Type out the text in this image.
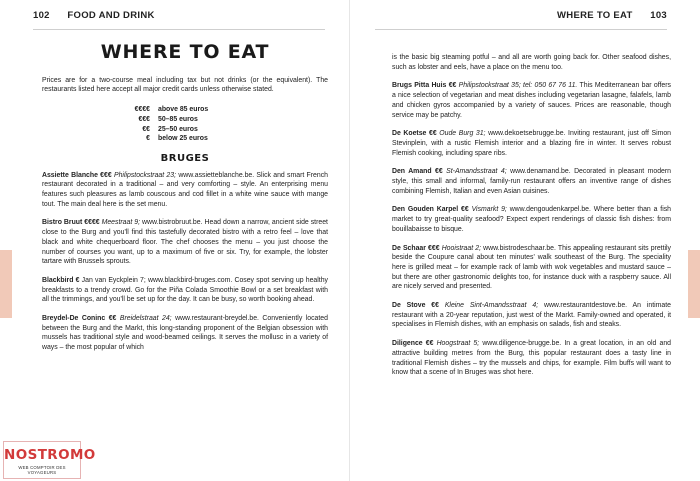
102 FOOD AND DRINK
WHERE TO EAT

Prices are for a two-course meal including tax but not drinks (or the equivalent). The restaurants listed here accept all major credit cards unless otherwise stated.

€€€€	above 85 euros
€€€	50–85 euros
€€	25–50 euros
€	below 25 euros
BRUGES

Assiette Blanche €€€ Philipstockstraat 23; www.assietteblanche.be. Slick and smart French restaurant decorated in a traditional – and very comforting – style. An enterprising menu features such pleasures as lamb couscous and cod fillet in a white wine sauce with mange tout. The main deal here is the set menu.

Bistro Bruut €€€€ Meestraat 9; www.bistrobruut.be. Head down a narrow, ancient side street close to the Burg and you'll find this tastefully decorated bistro with a retro feel – love that black and white chequerboard floor. The chef chooses the menu – you just choose the number of courses you want, up to a maximum of five or six. Try, for example, the lobster tartare with Brussels sprouts.

Blackbird € Jan van Eyckplein 7; www.blackbird-bruges.com. Cosey spot serving up healthy breakfasts to a trendy crowd. Go for the Piña Colada Smoothie Bowl or a set breakfast with all the trimmings, and you'll be set up for the day. It can be busy, so worth booking ahead.

Breydel-De Coninc €€ Breidelstraat 24; www.restaurant-breydel.be. Conveniently located between the Burg and the Markt, this long-standing proponent of the Belgian obsession with mussels has traditional style and wood-beamed ceilings. It serves the mollusc in a variety of ways – the most popular of which

WHERE TO EAT 103

is the basic big steaming potful – and all are worth going back for. Other seafood dishes, such as lobster and eels, have a place on the menu too.

Brugs Pitta Huis €€ Philipstockstraat 35; tel: 050 67 76 11. This Mediterranean bar offers a nice selection of vegetarian and meat dishes including vegetarian lasagne, falafels, lamb and chicken gyros accompanied by a variety of sauces. Prices are reasonable, though service may be patchy.

De Koetse €€ Oude Burg 31; www.dekoetsebrugge.be. Inviting restaurant, just off Simon Stevinplein, with a rustic Flemish interior and a blazing fire in winter. It serves robust Flemish cooking, including spare ribs.

Den Amand €€ St-Amandsstraat 4; www.denamand.be. Decorated in pleasant modern style, this small and informal, family-run restaurant offers an inventive range of dishes combining Flemish, Italian and even Asian cuisines.

Den Gouden Karpel €€ Vismarkt 9; www.dengoudenkarpel.be. Where better than a fish market to try great-quality seafood? Expect expert renderings of classic fish dishes: from bouillabaisse to bisque.

De Schaar €€€ Hooistraat 2; www.bistrodeschaar.be. This appealing restaurant sits prettily beside the Coupure canal about ten minutes' walk southeast of the Burg. The speciality here is grilled meat – for example rack of lamb with wok vegetables and mustard sauce – but there are other gastronomic delights too, for instance duck with a raspberry sauce. All are nicely served and presented.

De Stove €€ Kleine Sint-Amandsstraat 4; www.restaurantdestove.be. An intimate restaurant with a 20-year reputation, just west of the Markt. Family-owned and operated, it specialises in Flemish dishes, with an emphasis on salads, fish and steaks.

Diligence €€ Hoogstraat 5; www.diligence-brugge.be. In a great location, in an old and attractive building metres from the Burg, this popular restaurant does a tasty line in traditional Flemish dishes – try the mussels and chips, for example. Film buffs will want to know that a scene of In Bruges was shot here.

NOSTROMO
WEB COMPTOIR DES VOYAGEURS
